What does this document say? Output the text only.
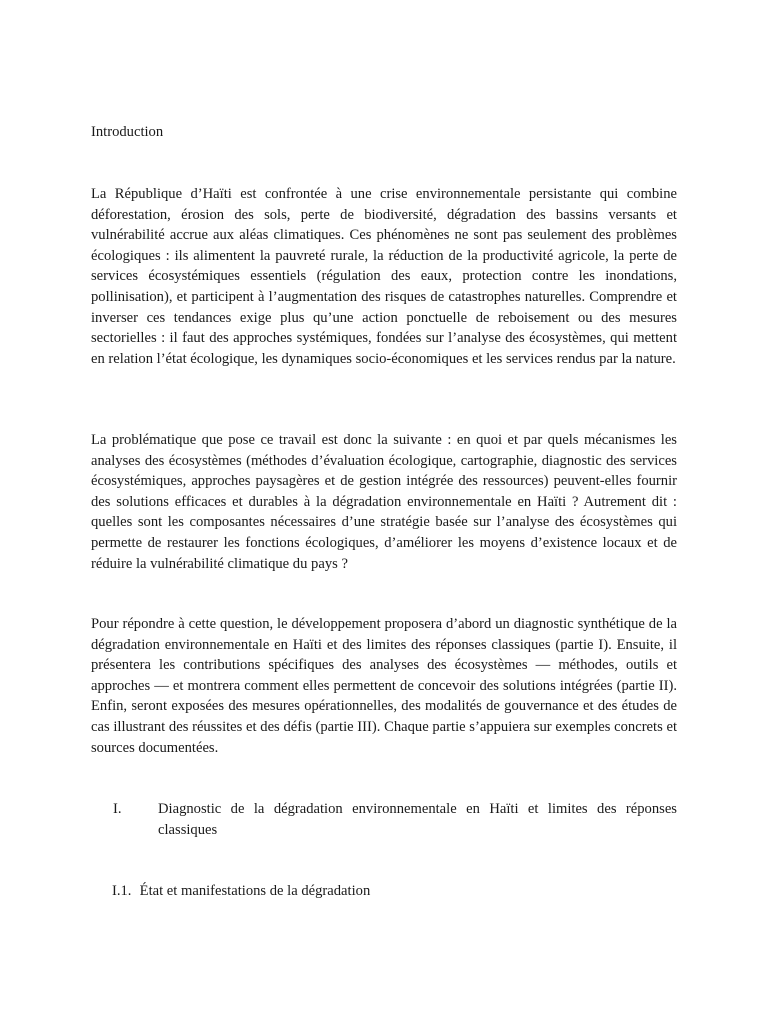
Introduction

La République d’Haïti est confrontée à une crise environnementale persistante qui combine déforestation, érosion des sols, perte de biodiversité, dégradation des bassins versants et vulnérabilité accrue aux aléas climatiques. Ces phénomènes ne sont pas seulement des problèmes écologiques : ils alimentent la pauvreté rurale, la réduction de la productivité agricole, la perte de services écosystémiques essentiels (régulation des eaux, protection contre les inondations, pollinisation), et participent à l’augmentation des risques de catastrophes naturelles. Comprendre et inverser ces tendances exige plus qu’une action ponctuelle de reboisement ou des mesures sectorielles : il faut des approches systémiques, fondées sur l’analyse des écosystèmes, qui mettent en relation l’état écologique, les dynamiques socio-économiques et les services rendus par la nature.

La problématique que pose ce travail est donc la suivante : en quoi et par quels mécanismes les analyses des écosystèmes (méthodes d’évaluation écologique, cartographie, diagnostic des services écosystémiques, approches paysagères et de gestion intégrée des ressources) peuvent-elles fournir des solutions efficaces et durables à la dégradation environnementale en Haïti ? Autrement dit : quelles sont les composantes nécessaires d’une stratégie basée sur l’analyse des écosystèmes qui permette de restaurer les fonctions écologiques, d’améliorer les moyens d’existence locaux et de réduire la vulnérabilité climatique du pays ?

Pour répondre à cette question, le développement proposera d’abord un diagnostic synthétique de la dégradation environnementale en Haïti et des limites des réponses classiques (partie I). Ensuite, il présentera les contributions spécifiques des analyses des écosystèmes — méthodes, outils et approches — et montrera comment elles permettent de concevoir des solutions intégrées (partie II). Enfin, seront exposées des mesures opérationnelles, des modalités de gouvernance et des études de cas illustrant des réussites et des défis (partie III). Chaque partie s’appuiera sur exemples concrets et sources documentées.

I.	Diagnostic de la dégradation environnementale en Haïti et limites des réponses classiques
I.1. État et manifestations de la dégradation
